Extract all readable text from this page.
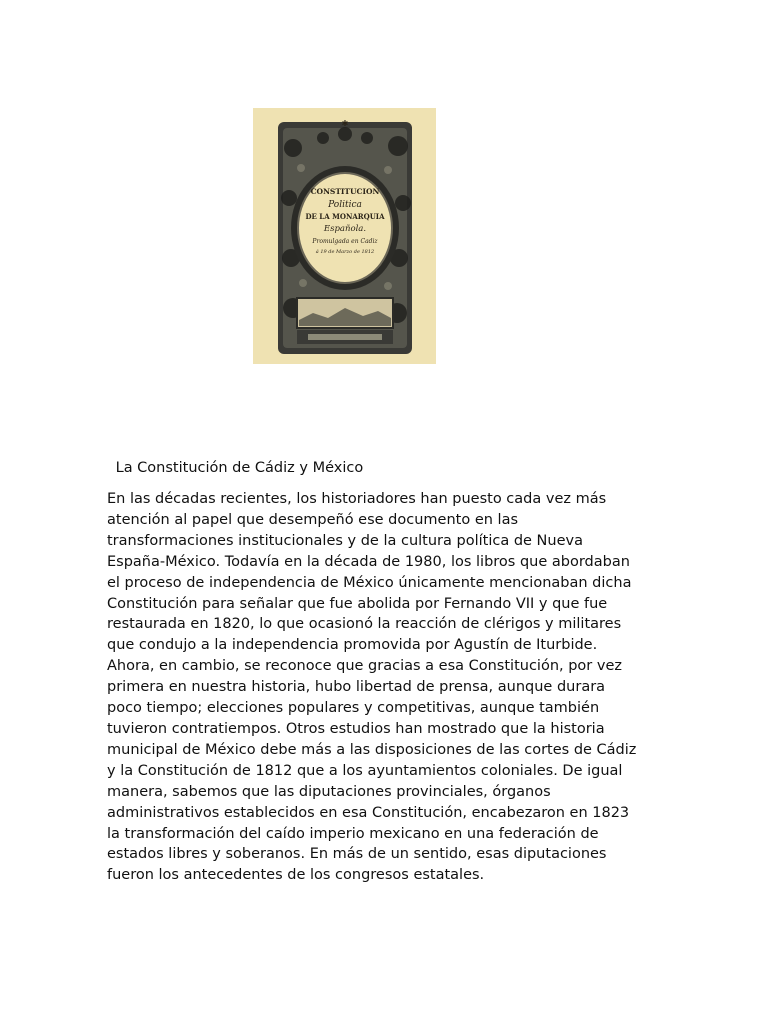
✱
CONSTITUCION
Politica
DE LA MONARQUIA
Española.
Promulgada en Cadiz
á 19 de Marzo de 1812
La Constitución de Cádiz y México

En las décadas recientes, los historiadores han puesto cada vez más
atención al papel que desempeñó ese documento en las
transformaciones institucionales y de la cultura política de Nueva
España-México. Todavía en la década de 1980, los libros que abordaban
el proceso de independencia de México únicamente mencionaban dicha
Constitución para señalar que fue abolida por Fernando VII y que fue
restaurada en 1820, lo que ocasionó la reacción de clérigos y militares
que condujo a la independencia promovida por Agustín de Iturbide.
Ahora, en cambio, se reconoce que gracias a esa Constitución, por vez
primera en nuestra historia, hubo libertad de prensa, aunque durara
poco tiempo; elecciones populares y competitivas, aunque también
tuvieron contratiempos. Otros estudios han mostrado que la historia
municipal de México debe más a las disposiciones de las cortes de Cádiz
y la Constitución de 1812 que a los ayuntamientos coloniales. De igual
manera, sabemos que las diputaciones provinciales, órganos
administrativos establecidos en esa Constitución, encabezaron en 1823
la transformación del caído imperio mexicano en una federación de
estados libres y soberanos. En más de un sentido, esas diputaciones
fueron los antecedentes de los congresos estatales.
